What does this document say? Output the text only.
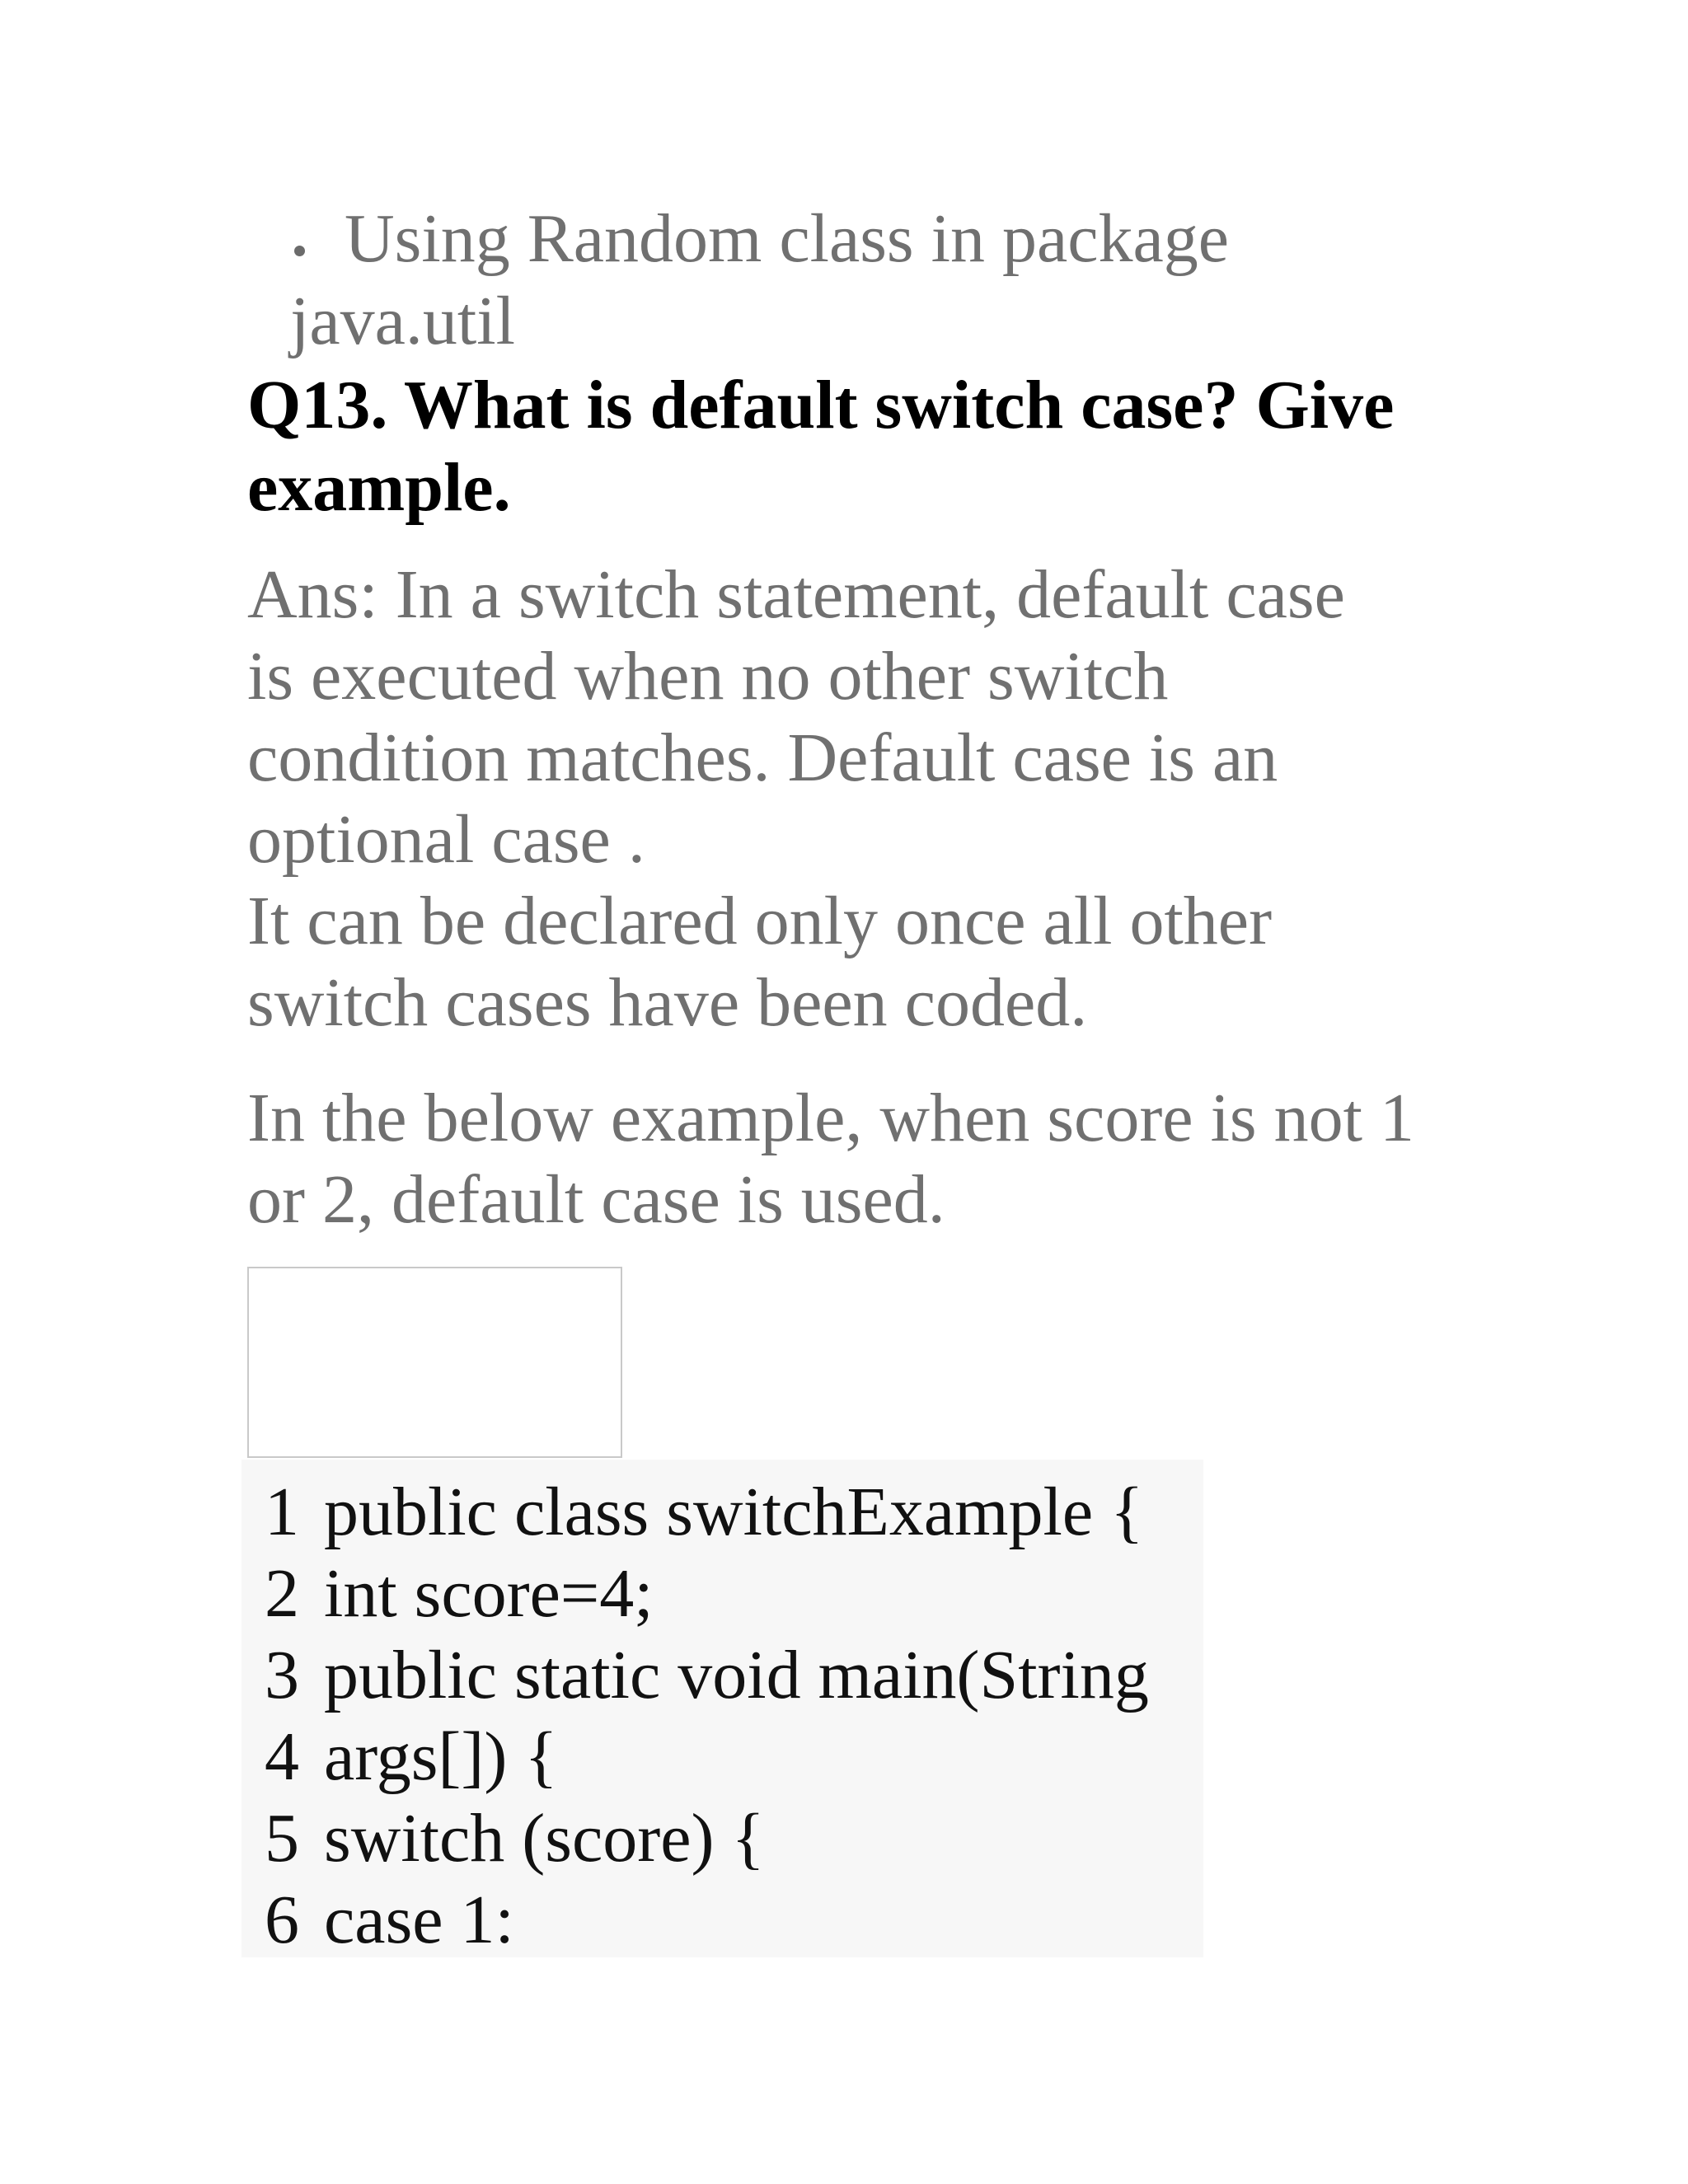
Using Random class in package java.util

Q13. What is default switch case? Give example.
Ans: In a switch statement, default case
is executed when no other switch
condition matches. Default case is an
optional case .
It can be declared only once all other
switch cases have been coded.

In the below example, when score is not 1 or 2, default case is used.

1 public class switchExample {
2 int score=4;
3 public static void main(String
4 args[]) {
5 switch (score) {
6 case 1:
